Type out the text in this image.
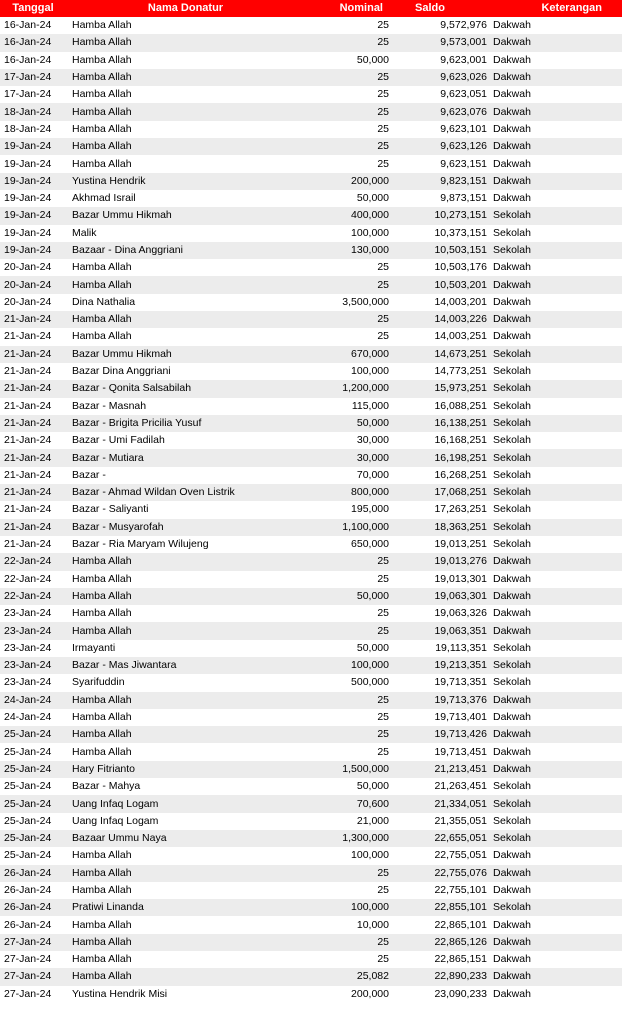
Tanggal	Nama Donatur	Nominal	Saldo	Keterangan
16-Jan-24	Hamba Allah	25	9,572,976	Dakwah
16-Jan-24	Hamba Allah	25	9,573,001	Dakwah
16-Jan-24	Hamba Allah	50,000	9,623,001	Dakwah
17-Jan-24	Hamba Allah	25	9,623,026	Dakwah
17-Jan-24	Hamba Allah	25	9,623,051	Dakwah
18-Jan-24	Hamba Allah	25	9,623,076	Dakwah
18-Jan-24	Hamba Allah	25	9,623,101	Dakwah
19-Jan-24	Hamba Allah	25	9,623,126	Dakwah
19-Jan-24	Hamba Allah	25	9,623,151	Dakwah
19-Jan-24	Yustina Hendrik	200,000	9,823,151	Dakwah
19-Jan-24	Akhmad Israil	50,000	9,873,151	Dakwah
19-Jan-24	Bazar Ummu Hikmah	400,000	10,273,151	Sekolah
19-Jan-24	Malik	100,000	10,373,151	Sekolah
19-Jan-24	Bazaar - Dina Anggriani	130,000	10,503,151	Sekolah
20-Jan-24	Hamba Allah	25	10,503,176	Dakwah
20-Jan-24	Hamba Allah	25	10,503,201	Dakwah
20-Jan-24	Dina Nathalia	3,500,000	14,003,201	Dakwah
21-Jan-24	Hamba Allah	25	14,003,226	Dakwah
21-Jan-24	Hamba Allah	25	14,003,251	Dakwah
21-Jan-24	Bazar Ummu Hikmah	670,000	14,673,251	Sekolah
21-Jan-24	Bazar Dina Anggriani	100,000	14,773,251	Sekolah
21-Jan-24	Bazar - Qonita Salsabilah	1,200,000	15,973,251	Sekolah
21-Jan-24	Bazar - Masnah	115,000	16,088,251	Sekolah
21-Jan-24	Bazar - Brigita Pricilia Yusuf	50,000	16,138,251	Sekolah
21-Jan-24	Bazar - Umi Fadilah	30,000	16,168,251	Sekolah
21-Jan-24	Bazar - Mutiara	30,000	16,198,251	Sekolah
21-Jan-24	Bazar -	70,000	16,268,251	Sekolah
21-Jan-24	Bazar - Ahmad Wildan Oven Listrik	800,000	17,068,251	Sekolah
21-Jan-24	Bazar - Saliyanti	195,000	17,263,251	Sekolah
21-Jan-24	Bazar - Musyarofah	1,100,000	18,363,251	Sekolah
21-Jan-24	Bazar - Ria Maryam Wilujeng	650,000	19,013,251	Sekolah
22-Jan-24	Hamba Allah	25	19,013,276	Dakwah
22-Jan-24	Hamba Allah	25	19,013,301	Dakwah
22-Jan-24	Hamba Allah	50,000	19,063,301	Dakwah
23-Jan-24	Hamba Allah	25	19,063,326	Dakwah
23-Jan-24	Hamba Allah	25	19,063,351	Dakwah
23-Jan-24	Irmayanti	50,000	19,113,351	Sekolah
23-Jan-24	Bazar - Mas Jiwantara	100,000	19,213,351	Sekolah
23-Jan-24	Syarifuddin	500,000	19,713,351	Sekolah
24-Jan-24	Hamba Allah	25	19,713,376	Dakwah
24-Jan-24	Hamba Allah	25	19,713,401	Dakwah
25-Jan-24	Hamba Allah	25	19,713,426	Dakwah
25-Jan-24	Hamba Allah	25	19,713,451	Dakwah
25-Jan-24	Hary Fitrianto	1,500,000	21,213,451	Dakwah
25-Jan-24	Bazar - Mahya	50,000	21,263,451	Sekolah
25-Jan-24	Uang Infaq Logam	70,600	21,334,051	Sekolah
25-Jan-24	Uang Infaq Logam	21,000	21,355,051	Sekolah
25-Jan-24	Bazaar Ummu Naya	1,300,000	22,655,051	Sekolah
25-Jan-24	Hamba Allah	100,000	22,755,051	Dakwah
26-Jan-24	Hamba Allah	25	22,755,076	Dakwah
26-Jan-24	Hamba Allah	25	22,755,101	Dakwah
26-Jan-24	Pratiwi Linanda	100,000	22,855,101	Sekolah
26-Jan-24	Hamba Allah	10,000	22,865,101	Dakwah
27-Jan-24	Hamba Allah	25	22,865,126	Dakwah
27-Jan-24	Hamba Allah	25	22,865,151	Dakwah
27-Jan-24	Hamba Allah	25,082	22,890,233	Dakwah
27-Jan-24	Yustina Hendrik Misi	200,000	23,090,233	Dakwah
